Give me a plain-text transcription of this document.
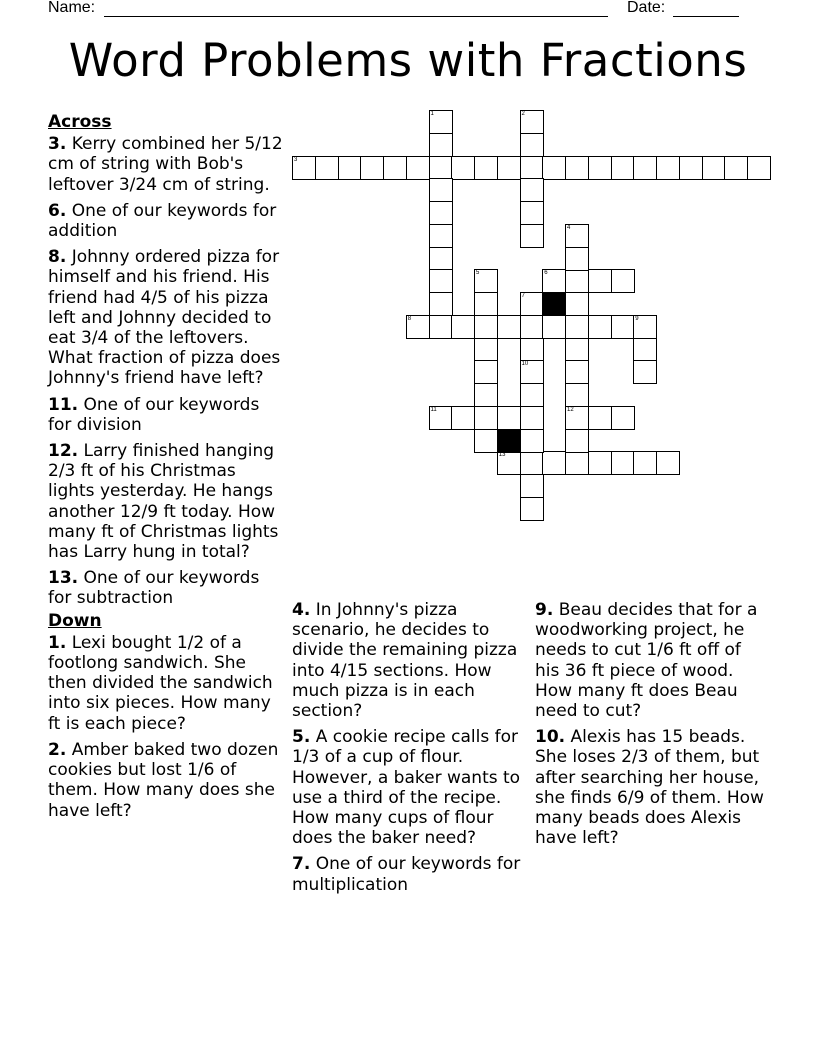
Name:	Date:
Word Problems with Fractions
3
6
8	9
11	12
13
1	2
4
5
7
10
Across
3. Kerry combined her 5/12 cm of string with Bob's leftover 3/24 cm of string.
6. One of our keywords for addition
8. Johnny ordered pizza for himself and his friend. His friend had 4/5 of his pizza left and Johnny decided to eat 3/4 of the leftovers. What fraction of pizza does Johnny's friend have left?
11. One of our keywords for division
12. Larry finished hanging 2/3 ft of his Christmas lights yesterday. He hangs another 12/9 ft today. How many ft of Christmas lights has Larry hung in total?
13. One of our keywords for subtraction
Down
1. Lexi bought 1/2 of a footlong sandwich. She then divided the sandwich into six pieces. How many ft is each piece?
2. Amber baked two dozen cookies but lost 1/6 of them. How many does she have left?
4. In Johnny's pizza scenario, he decides to divide the remaining pizza into 4/15 sections. How much pizza is in each section?
5. A cookie recipe calls for 1/3 of a cup of flour. However, a baker wants to use a third of the recipe. How many cups of flour does the baker need?
7. One of our keywords for multiplication
9. Beau decides that for a woodworking project, he needs to cut 1/6 ft off of his 36 ft piece of wood. How many ft does Beau need to cut?
10. Alexis has 15 beads. She loses 2/3 of them, but after searching her house, she finds 6/9 of them. How many beads does Alexis have left?
